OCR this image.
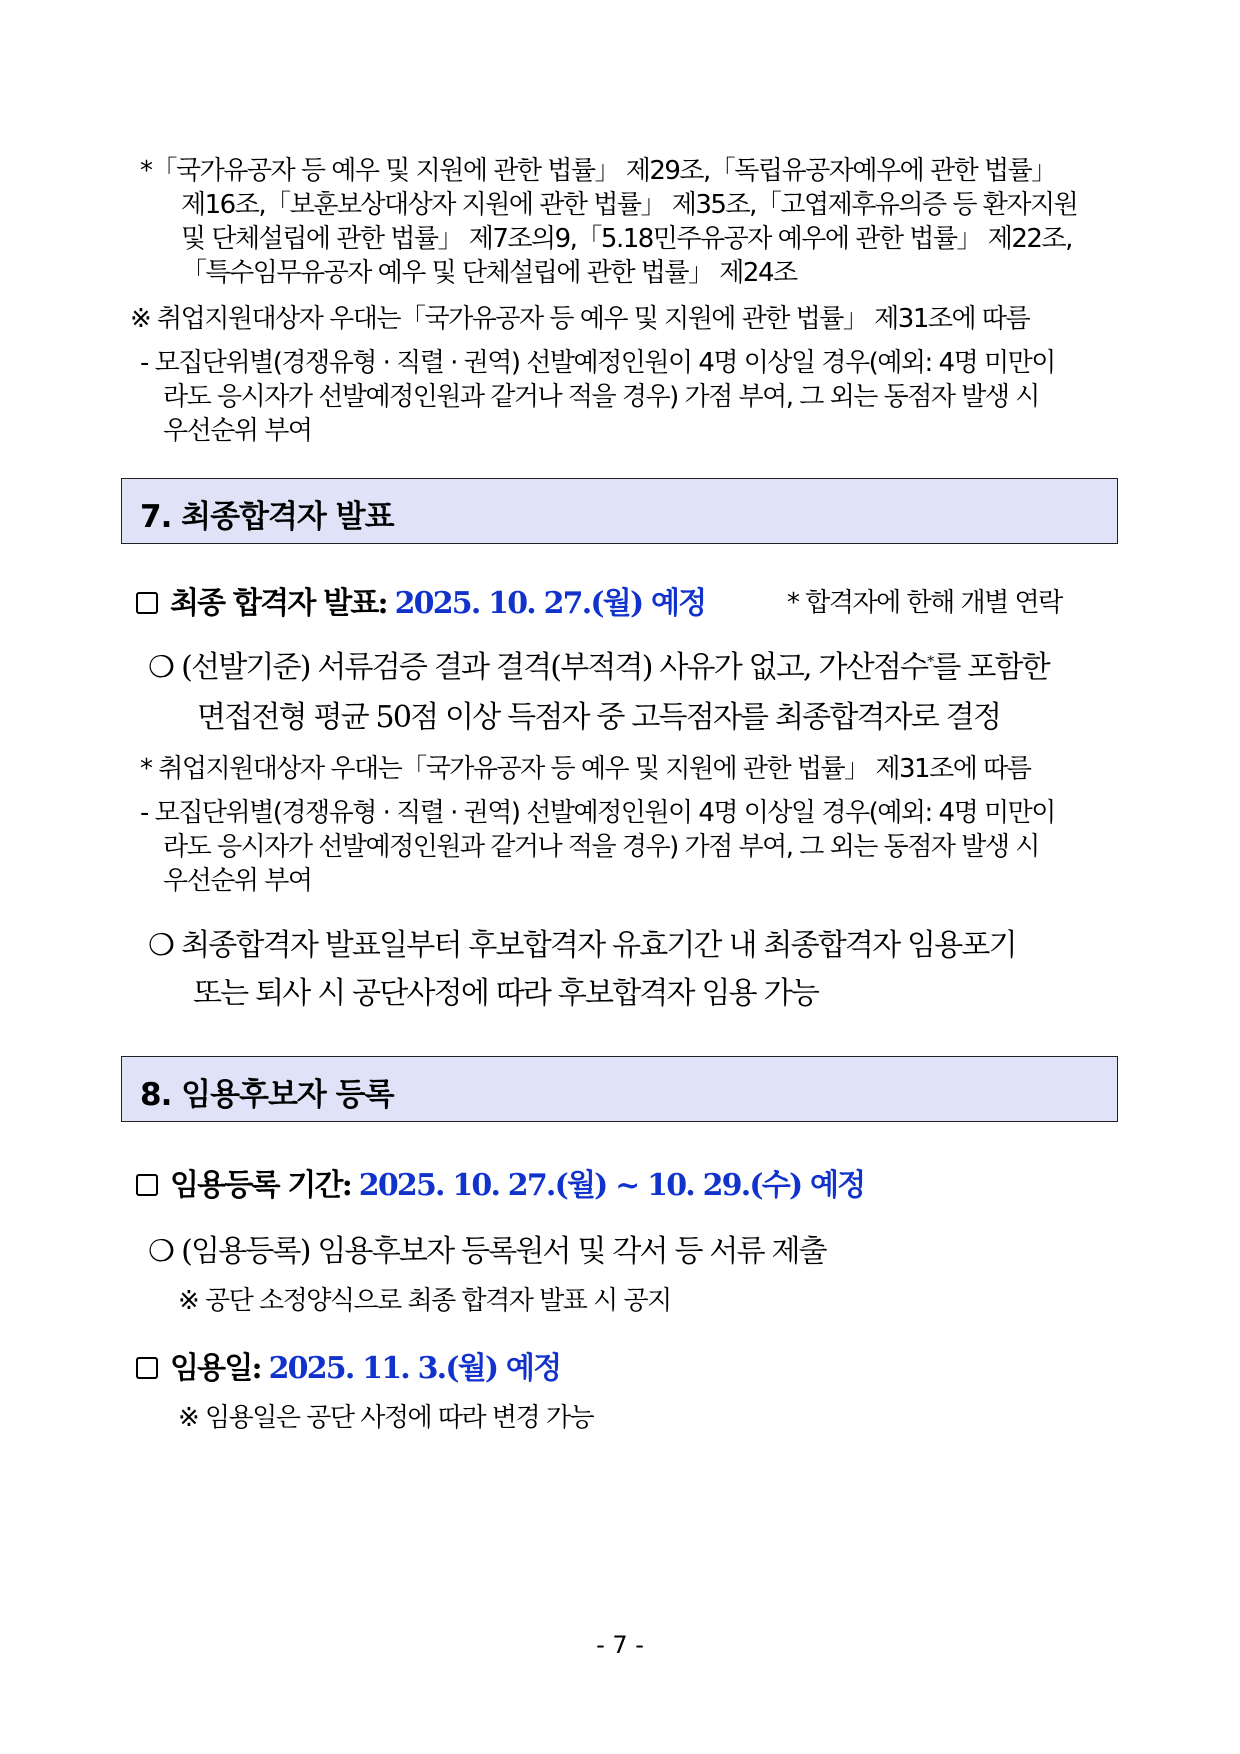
*「국가유공자 등 예우 및 지원에 관한 법률」 제29조,「독립유공자예우에 관한 법률」
제16조,「보훈보상대상자 지원에 관한 법률」 제35조,「고엽제후유의증 등 환자지원
및 단체설립에 관한 법률」 제7조의9,「5.18민주유공자 예우에 관한 법률」 제22조,
「특수임무유공자 예우 및 단체설립에 관한 법률」 제24조
※ 취업지원대상자 우대는「국가유공자 등 예우 및 지원에 관한 법률」 제31조에 따름
- 모집단위별(경쟁유형 · 직렬 · 권역) 선발예정인원이 4명 이상일 경우(예외: 4명 미만이
라도 응시자가 선발예정인원과 같거나 적을 경우) 가점 부여, 그 외는 동점자 발생 시
우선순위 부여
7. 최종합격자 발표
최종 합격자 발표: 2025. 10. 27.(월) 예정	* 합격자에 한해 개별 연락
❍ (선발기준) 서류검증 결과 결격(부적격) 사유가 없고, 가산점수*를 포함한
면접전형 평균 50점 이상 득점자 중 고득점자를 최종합격자로 결정
* 취업지원대상자 우대는「국가유공자 등 예우 및 지원에 관한 법률」 제31조에 따름
- 모집단위별(경쟁유형 · 직렬 · 권역) 선발예정인원이 4명 이상일 경우(예외: 4명 미만이
라도 응시자가 선발예정인원과 같거나 적을 경우) 가점 부여, 그 외는 동점자 발생 시
우선순위 부여
❍ 최종합격자 발표일부터 후보합격자 유효기간 내 최종합격자 임용포기
또는 퇴사 시 공단사정에 따라 후보합격자 임용 가능
8. 임용후보자 등록
임용등록 기간: 2025. 10. 27.(월) ~ 10. 29.(수) 예정
❍ (임용등록) 임용후보자 등록원서 및 각서 등 서류 제출
※ 공단 소정양식으로 최종 합격자 발표 시 공지
임용일: 2025. 11. 3.(월) 예정
※ 임용일은 공단 사정에 따라 변경 가능
- 7 -
